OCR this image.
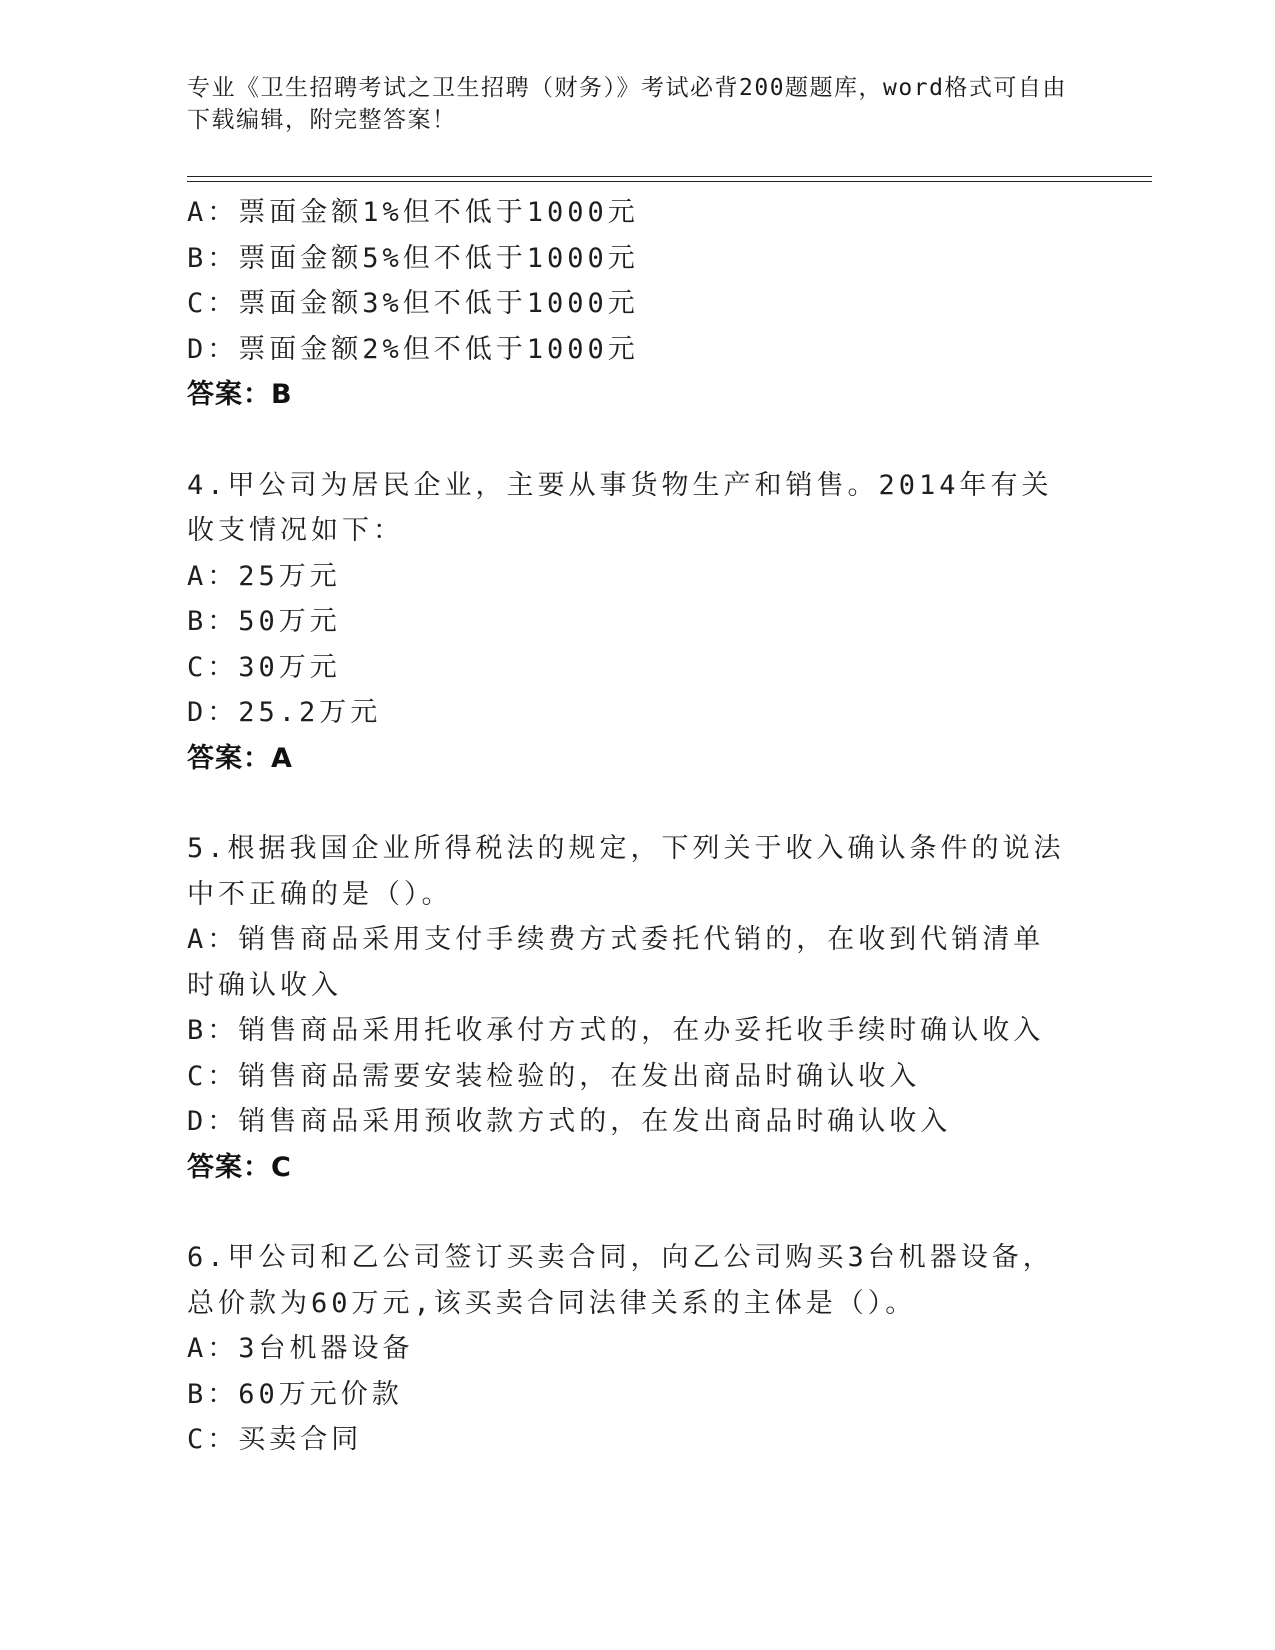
专业《卫生招聘考试之卫生招聘（财务）》考试必背200题题库，word格式可自由下载编辑，附完整答案！
A：票面金额1%但不低于1000元
B：票面金额5%但不低于1000元
C：票面金额3%但不低于1000元
D：票面金额2%但不低于1000元
答案：B
4.甲公司为居民企业，主要从事货物生产和销售。2014年有关收支情况如下：
A：25万元
B：50万元
C：30万元
D：25.2万元
答案：A
5.根据我国企业所得税法的规定，下列关于收入确认条件的说法中不正确的是（）。
A：销售商品采用支付手续费方式委托代销的，在收到代销清单时确认收入
B：销售商品采用托收承付方式的，在办妥托收手续时确认收入
C：销售商品需要安装检验的，在发出商品时确认收入
D：销售商品采用预收款方式的，在发出商品时确认收入
答案：C
6.甲公司和乙公司签订买卖合同，向乙公司购买3台机器设备，总价款为60万元,该买卖合同法律关系的主体是（）。
A：3台机器设备
B：60万元价款
C：买卖合同
